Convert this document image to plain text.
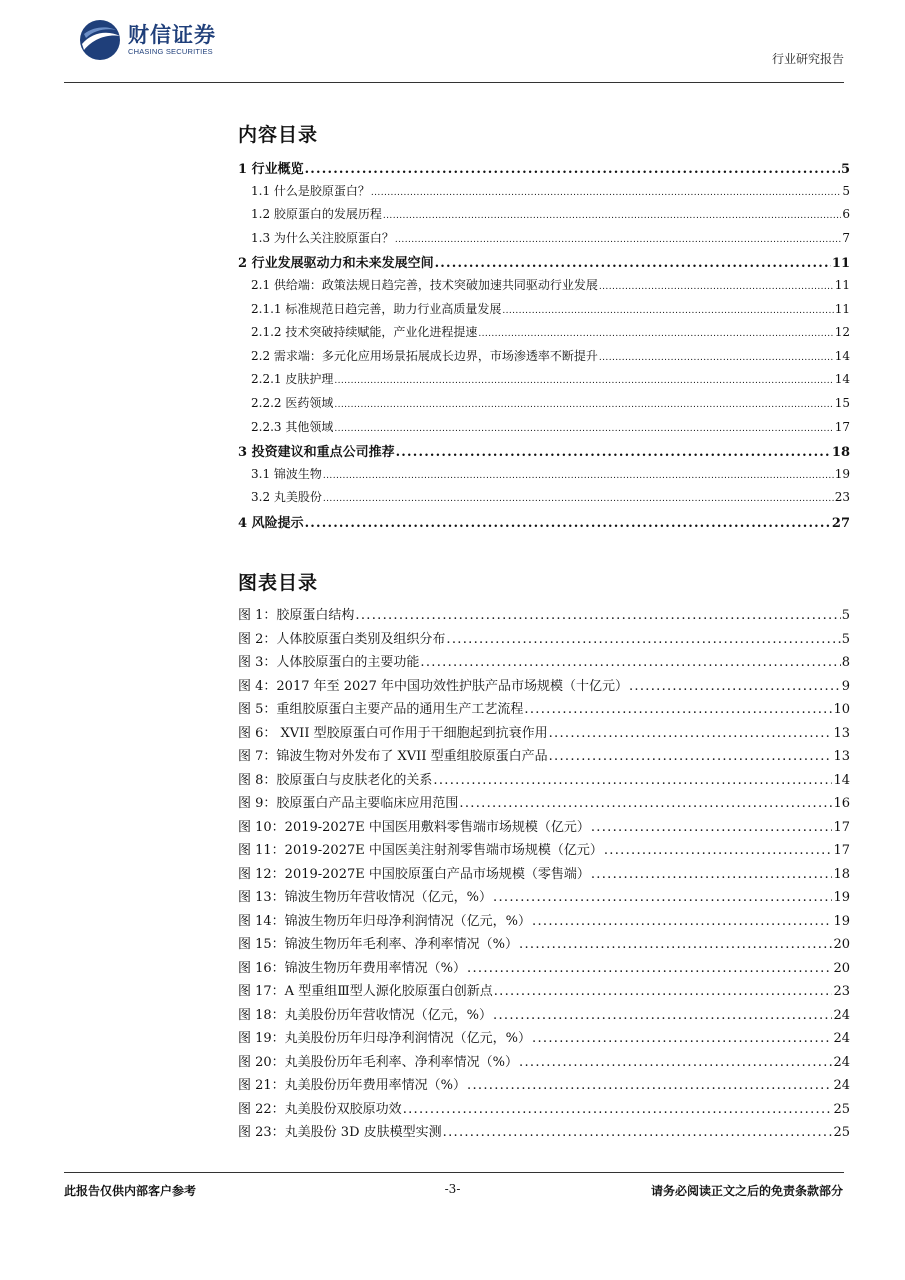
财信证券
CHASING SECURITIES
行业研究报告
内容目录
1 行业概览 .....	5
1.1 什么是胶原蛋白？ .....	5
1.2 胶原蛋白的发展历程 .....	6
1.3 为什么关注胶原蛋白？ .....	7
2 行业发展驱动力和未来发展空间 .....	11
2.1 供给端：政策法规日趋完善，技术突破加速共同驱动行业发展 .....	11
2.1.1 标准规范日趋完善，助力行业高质量发展 .....	11
2.1.2 技术突破持续赋能，产业化进程提速 .....	12
2.2 需求端：多元化应用场景拓展成长边界，市场渗透率不断提升 .....	14
2.2.1 皮肤护理 .....	14
2.2.2 医药领域 .....	15
2.2.3 其他领域 .....	17
3 投资建议和重点公司推荐 .....	18
3.1 锦波生物 .....	19
3.2 丸美股份 .....	23
4 风险提示 .....	27
图表目录
图 1：胶原蛋白结构 .....	5
图 2：人体胶原蛋白类别及组织分布 .....	5
图 3：人体胶原蛋白的主要功能 .....	8
图 4：2017 年至 2027 年中国功效性护肤产品市场规模（十亿元） .....	9
图 5：重组胶原蛋白主要产品的通用生产工艺流程 .....	10
图 6： XVII 型胶原蛋白可作用于干细胞起到抗衰作用 .....	13
图 7：锦波生物对外发布了 XVII 型重组胶原蛋白产品 .....	13
图 8：胶原蛋白与皮肤老化的关系 .....	14
图 9：胶原蛋白产品主要临床应用范围 .....	16
图 10：2019-2027E 中国医用敷料零售端市场规模（亿元） .....	17
图 11：2019-2027E 中国医美注射剂零售端市场规模（亿元） .....	17
图 12：2019-2027E 中国胶原蛋白产品市场规模（零售端） .....	18
图 13：锦波生物历年营收情况（亿元，%） .....	19
图 14：锦波生物历年归母净利润情况（亿元，%） .....	19
图 15：锦波生物历年毛利率、净利率情况（%） .....	20
图 16：锦波生物历年费用率情况（%） .....	20
图 17：A 型重组Ⅲ型人源化胶原蛋白创新点 .....	23
图 18：丸美股份历年营收情况（亿元，%） .....	24
图 19：丸美股份历年归母净利润情况（亿元，%） .....	24
图 20：丸美股份历年毛利率、净利率情况（%） .....	24
图 21：丸美股份历年费用率情况（%） .....	24
图 22：丸美股份双胶原功效 .....	25
图 23：丸美股份 3D 皮肤模型实测 .....	25
此报告仅供内部客户参考	-3-	请务必阅读正文之后的免责条款部分
